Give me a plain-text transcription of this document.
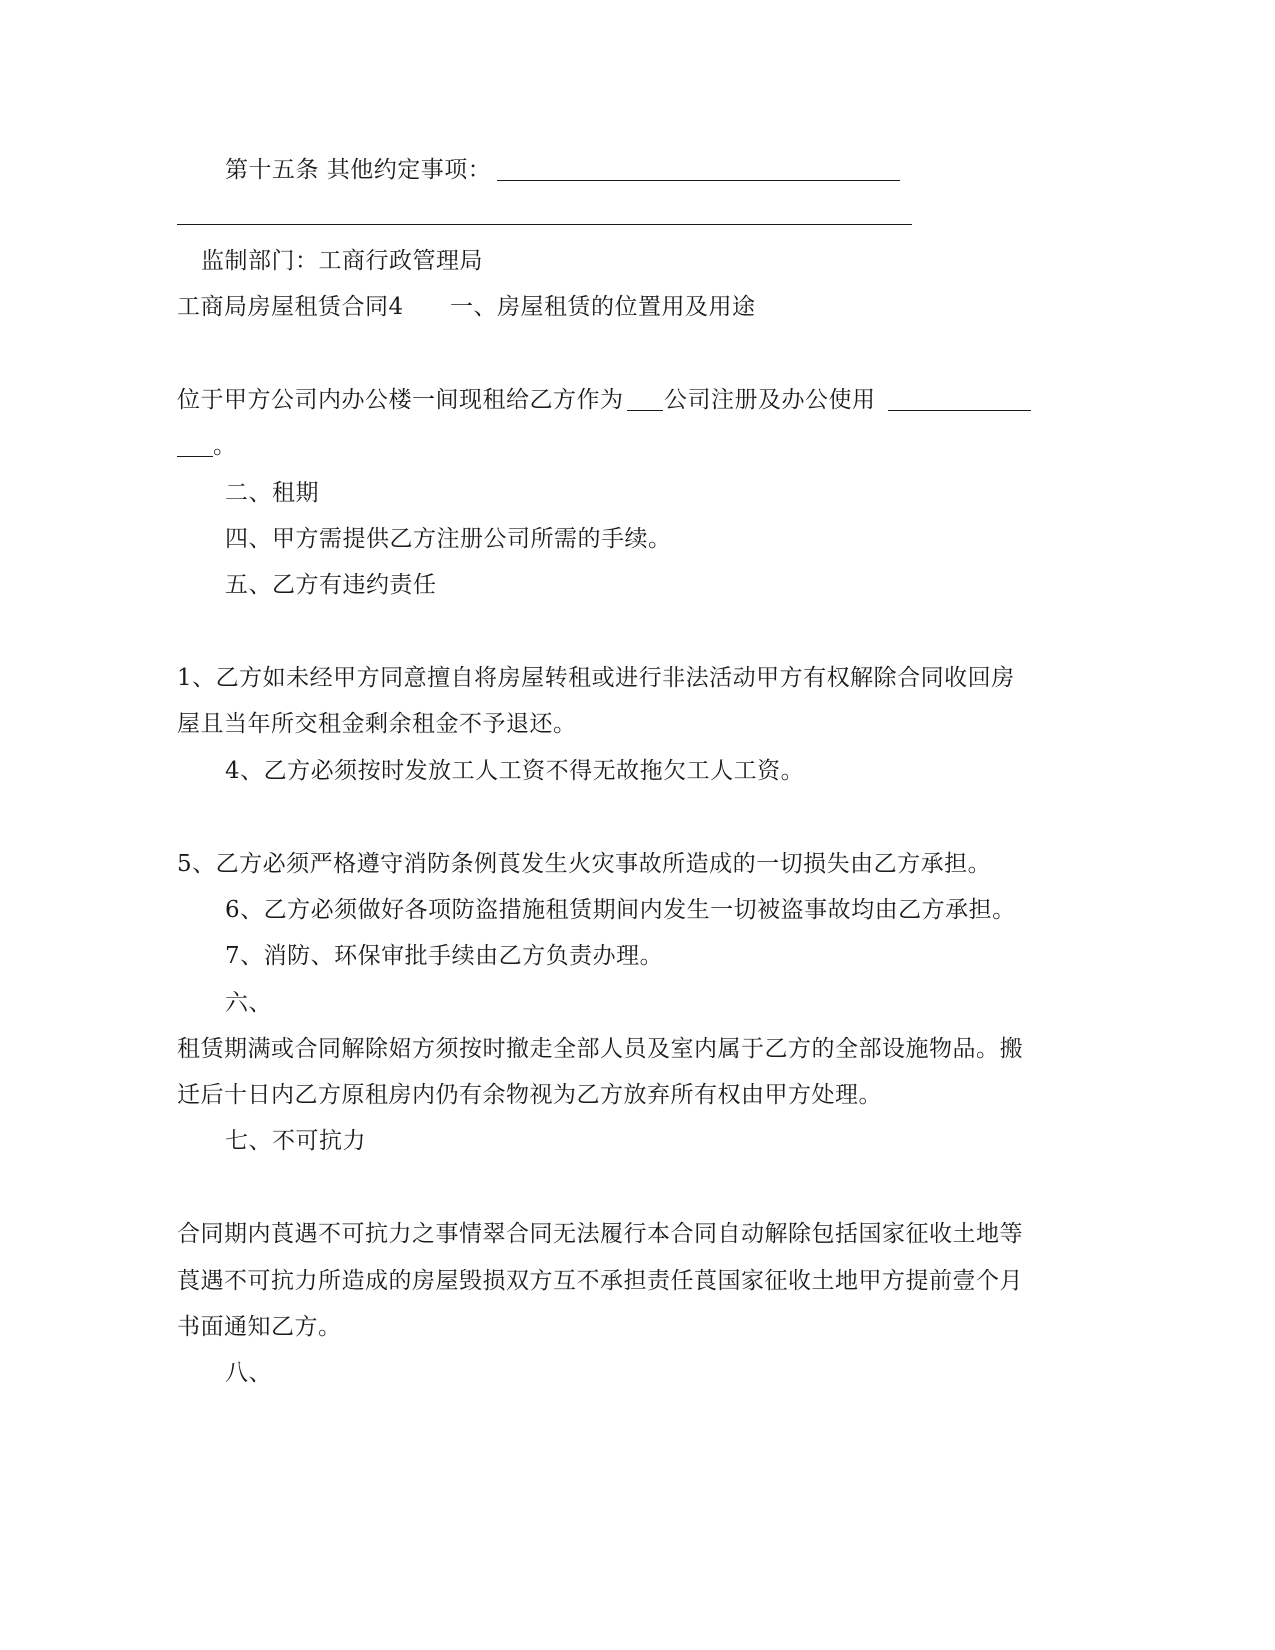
第十五条 其他约定事项：
监制部门：工商行政管理局
工商局房屋租赁合同4 一、房屋租赁的位置用及用途
位于甲方公司内办公楼一间现租给乙方作为 公司注册及办公使用
。
二、租期
四、甲方需提供乙方注册公司所需的手续。
五、乙方有违约责任
1、乙方如未经甲方同意擅自将房屋转租或进行非法活动甲方有权解除合同收回房
屋且当年所交租金剩余租金不予退还。
4、乙方必须按时发放工人工资不得无故拖欠工人工资。
5、乙方必须严格遵守消防条例莨发生火灾事故所造成的一切损失由乙方承担。
6、乙方必须做好各项防盗措施租赁期间内发生一切被盗事故均由乙方承担。
7、消防、环保审批手续由乙方负责办理。
六、
租赁期满或合同解除妱方须按时撤走全部人员及室内属于乙方的全部设施物品。搬
迁后十日内乙方原租房内仍有余物视为乙方放弃所有权由甲方处理。
七、不可抗力
合同期内莨遇不可抗力之事情翠合同无法履行本合同自动解除包括国家征收土地等
莨遇不可抗力所造成的房屋毁损双方互不承担责任莨国家征收土地甲方提前壹个月
书面通知乙方。
八、
